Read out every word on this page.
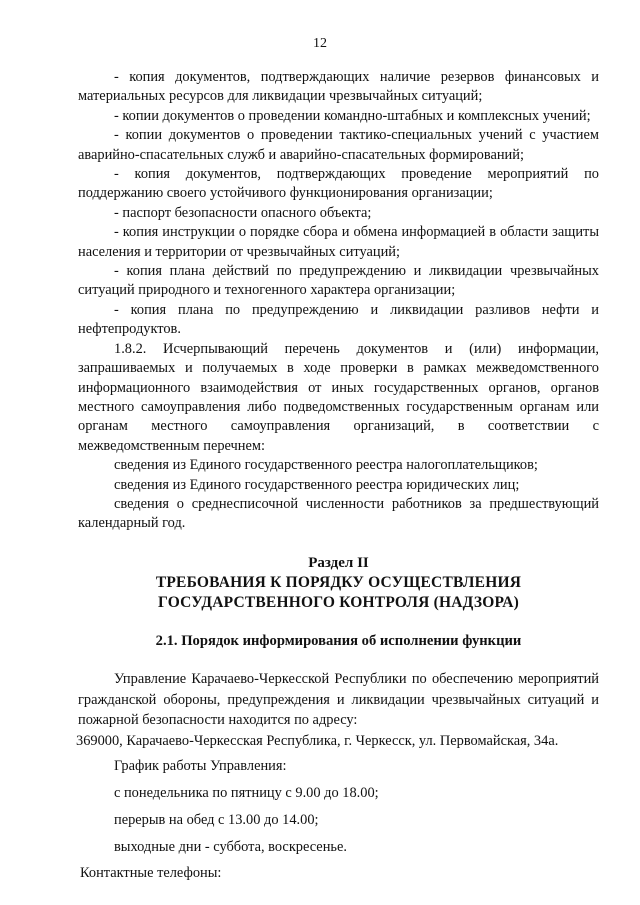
12

- копия документов, подтверждающих наличие резервов финансовых и материальных ресурсов для ликвидации чрезвычайных ситуаций;

- копии документов о проведении командно-штабных и комплексных учений;

- копии документов о проведении тактико-специальных учений с участием аварийно-спасательных служб и аварийно-спасательных формирований;

- копия документов, подтверждающих проведение мероприятий по поддержанию своего устойчивого функционирования организации;

- паспорт безопасности опасного объекта;

- копия инструкции о порядке сбора и обмена информацией в области защиты населения и территории от чрезвычайных ситуаций;

- копия плана действий по предупреждению и ликвидации чрезвычайных ситуаций природного и техногенного характера организации;

- копия плана по предупреждению и ликвидации разливов нефти и нефтепродуктов.

1.8.2. Исчерпывающий перечень документов и (или) информации, запрашиваемых и получаемых в ходе проверки в рамках межведомственного информационного взаимодействия от иных государственных органов, органов местного самоуправления либо подведомственных государственным органам или органам местного самоуправления организаций, в соответствии с межведомственным перечнем:

сведения из Единого государственного реестра налогоплательщиков;

сведения из Единого государственного реестра юридических лиц;

сведения о среднесписочной численности работников за предшествующий календарный год.

Раздел II

ТРЕБОВАНИЯ К ПОРЯДКУ ОСУЩЕСТВЛЕНИЯ

ГОСУДАРСТВЕННОГО КОНТРОЛЯ (НАДЗОРА)

2.1. Порядок информирования об исполнении функции

Управление Карачаево-Черкесской Республики по обеспечению мероприятий гражданской обороны, предупреждения и ликвидации чрезвычайных ситуаций и пожарной безопасности находится по адресу:

369000, Карачаево-Черкесская Республика, г. Черкесск, ул. Первомайская, 34а.

График работы Управления:

с понедельника по пятницу с 9.00 до 18.00;

перерыв на обед с 13.00 до 14.00;

выходные дни - суббота, воскресенье.

Контактные телефоны:
